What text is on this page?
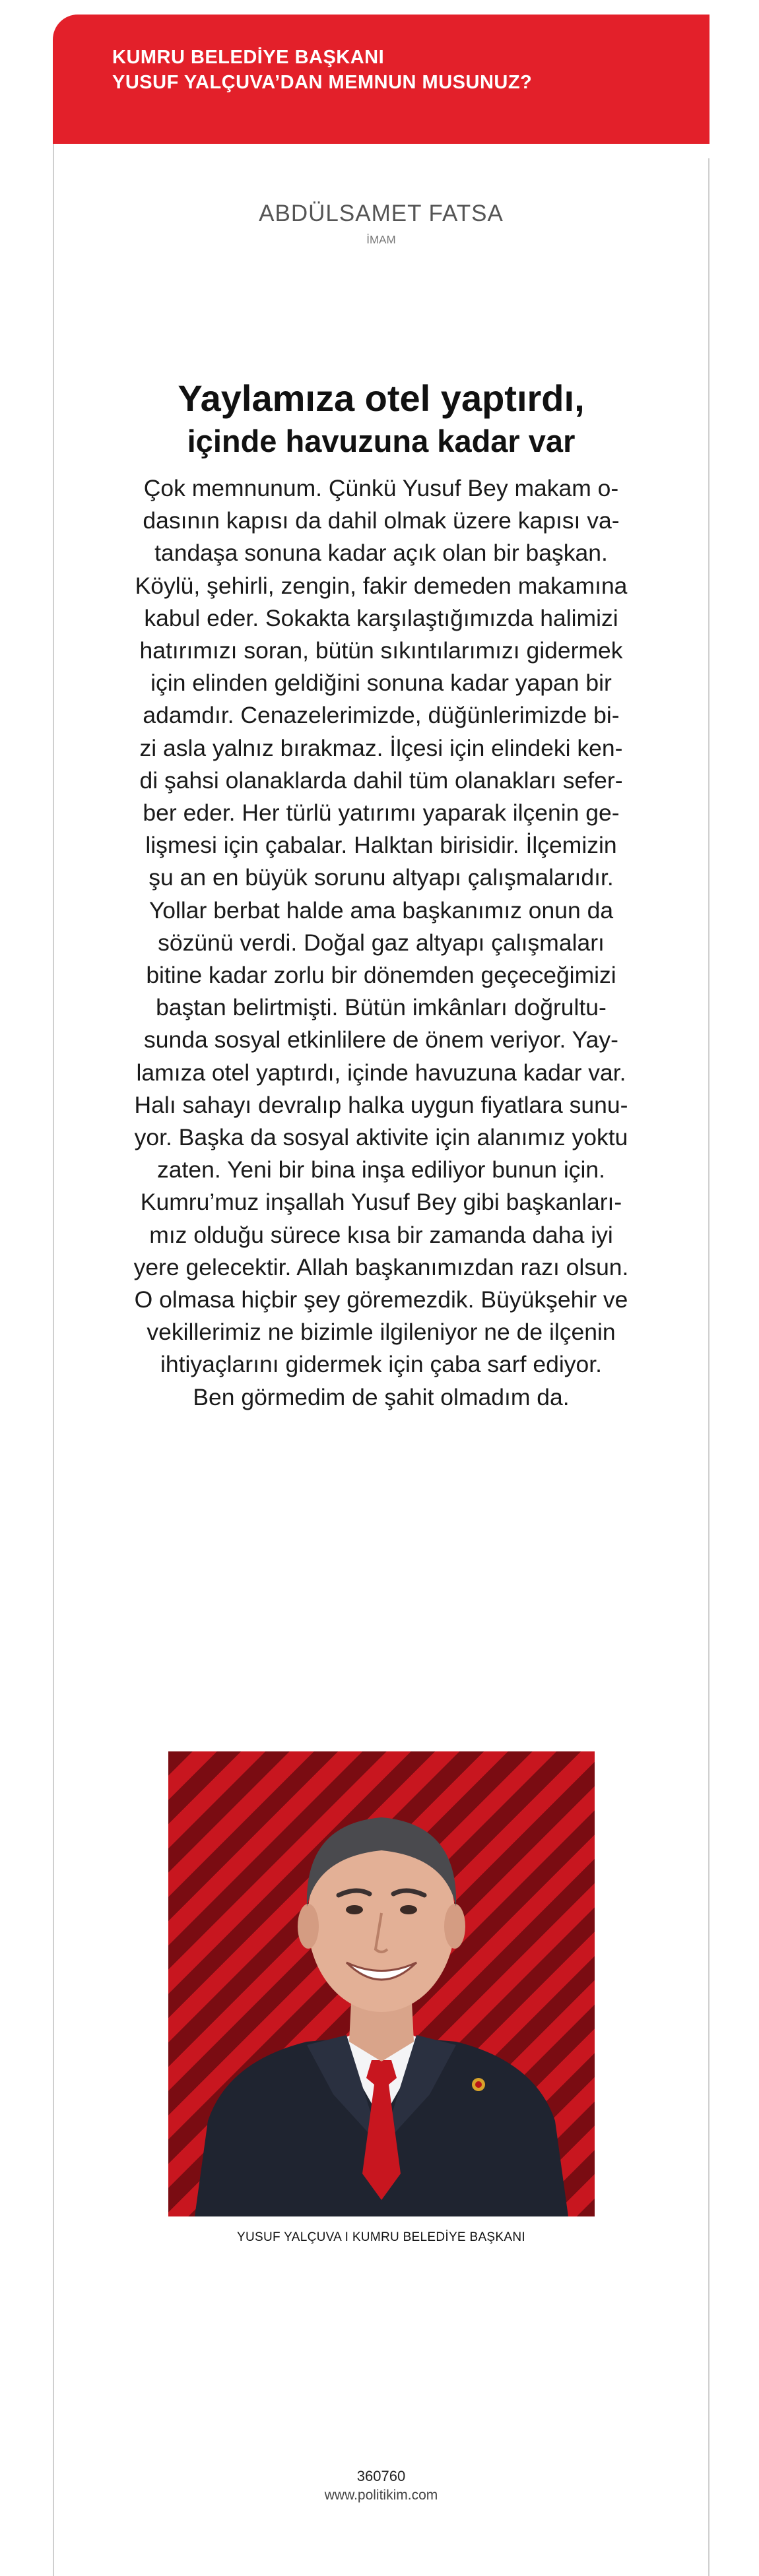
KUMRU BELEDİYE BAŞKANI
YUSUF YALÇUVA’DAN MEMNUN MUSUNUZ?
ABDÜLSAMET FATSA
İMAM
Yaylamıza otel yaptırdı,
içinde havuzuna kadar var
Çok memnunum. Çünkü Yusuf Bey makam o-
dasının kapısı da dahil olmak üzere kapısı va-
tandaşa sonuna kadar açık olan bir başkan.
Köylü, şehirli, zengin, fakir demeden makamına
kabul eder. Sokakta karşılaştığımızda halimizi
hatırımızı soran, bütün sıkıntılarımızı gidermek
için elinden geldiğini sonuna kadar yapan bir
adamdır. Cenazelerimizde, düğünlerimizde bi-
zi asla yalnız bırakmaz. İlçesi için elindeki ken-
di şahsi olanaklarda dahil tüm olanakları sefer-
ber eder. Her türlü yatırımı yaparak ilçenin ge-
lişmesi için çabalar. Halktan birisidir. İlçemizin
şu an en büyük sorunu altyapı çalışmalarıdır.
Yollar berbat halde ama başkanımız onun da
sözünü verdi. Doğal gaz altyapı çalışmaları
bitine kadar zorlu bir dönemden geçeceğimizi
baştan belirtmişti. Bütün imkânları doğrultu-
sunda sosyal etkinlilere de önem veriyor. Yay-
lamıza otel yaptırdı, içinde havuzuna kadar var.
Halı sahayı devralıp halka uygun fiyatlara sunu-
yor. Başka da sosyal aktivite için alanımız yoktu
zaten. Yeni bir bina inşa ediliyor bunun için.
Kumru’muz inşallah Yusuf Bey gibi başkanları-
mız olduğu sürece kısa bir zamanda daha iyi
yere gelecektir. Allah başkanımızdan razı olsun.
O olmasa hiçbir şey göremezdik. Büyükşehir ve
vekillerimiz ne bizimle ilgileniyor ne de ilçenin
ihtiyaçlarını gidermek için çaba sarf ediyor.
Ben görmedim de şahit olmadım da.
YUSUF YALÇUVA I KUMRU BELEDİYE BAŞKANI
360760
www.politikim.com
